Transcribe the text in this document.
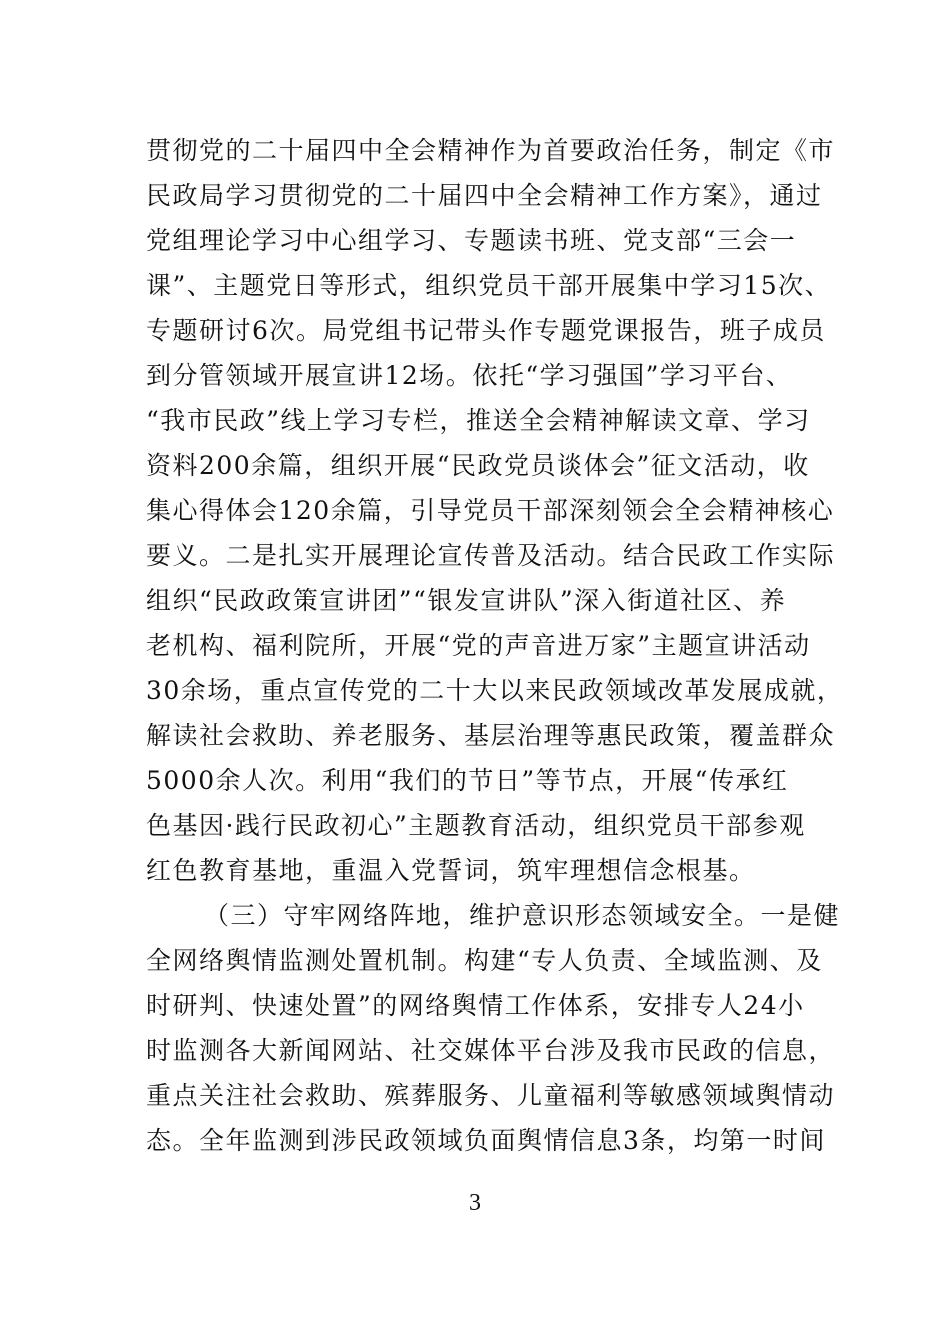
贯彻党的二十届四中全会精神作为首要政治任务，制定《市
民政局学习贯彻党的二十届四中全会精神工作方案》，通过
党组理论学习中心组学习、专题读书班、党支部“三会一
课”、主题党日等形式，组织党员干部开展集中学习15次、
专题研讨6次。局党组书记带头作专题党课报告，班子成员
到分管领域开展宣讲12场。依托“学习强国”学习平台、
“我市民政”线上学习专栏，推送全会精神解读文章、学习
资料200余篇，组织开展“民政党员谈体会”征文活动，收
集心得体会120余篇，引导党员干部深刻领会全会精神核心
要义。二是扎实开展理论宣传普及活动。结合民政工作实际
组织“民政政策宣讲团”“银发宣讲队”深入街道社区、养
老机构、福利院所，开展“党的声音进万家”主题宣讲活动
30余场，重点宣传党的二十大以来民政领域改革发展成就，
解读社会救助、养老服务、基层治理等惠民政策，覆盖群众
5000余人次。利用“我们的节日”等节点，开展“传承红
色基因·践行民政初心”主题教育活动，组织党员干部参观
红色教育基地，重温入党誓词，筑牢理想信念根基。
（三）守牢网络阵地，维护意识形态领域安全。一是健
全网络舆情监测处置机制。构建“专人负责、全域监测、及
时研判、快速处置”的网络舆情工作体系，安排专人24小
时监测各大新闻网站、社交媒体平台涉及我市民政的信息，
重点关注社会救助、殡葬服务、儿童福利等敏感领域舆情动
态。全年监测到涉民政领域负面舆情信息3条，均第一时间
3
